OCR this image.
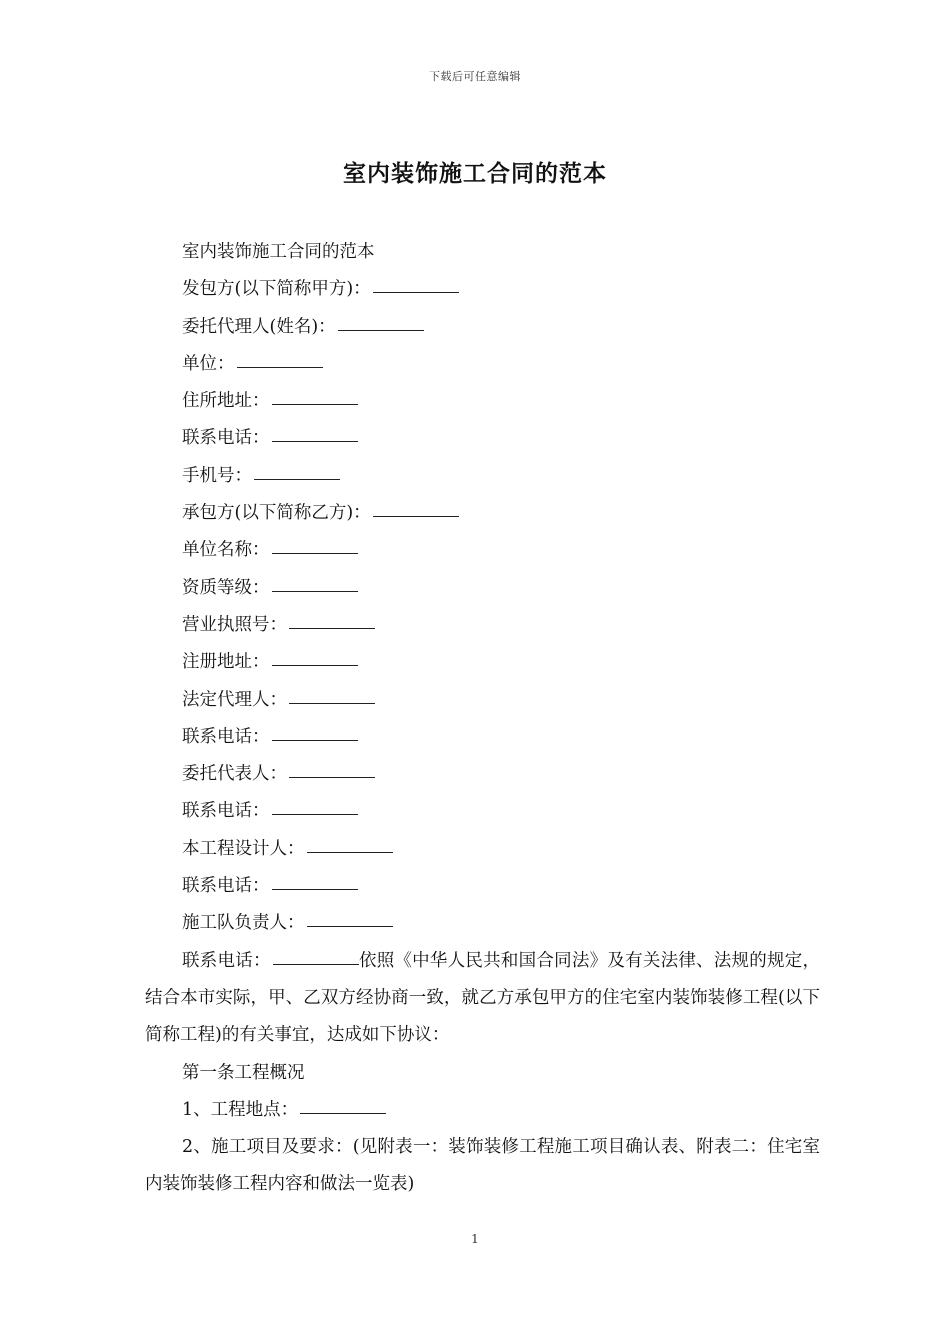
下载后可任意编辑
室内装饰施工合同的范本

室内装饰施工合同的范本

发包方(以下简称甲方)：

委托代理人(姓名)：

单位：

住所地址：

联系电话：

手机号：

承包方(以下简称乙方)：

单位名称：

资质等级：

营业执照号：

注册地址：

法定代理人：

联系电话：

委托代表人：

联系电话：

本工程设计人：

联系电话：

施工队负责人：

联系电话：	依照《中华人民共和国合同法》及有关法律、法规的规定，结合本市实际，甲、乙双方经协商一致，就乙方承包甲方的住宅室内装饰装修工程(以下简称工程)的有关事宜，达成如下协议：

第一条工程概况

1、工程地点：

2、施工项目及要求：(见附表一：装饰装修工程施工项目确认表、附表二：住宅室内装饰装修工程内容和做法一览表)

1
